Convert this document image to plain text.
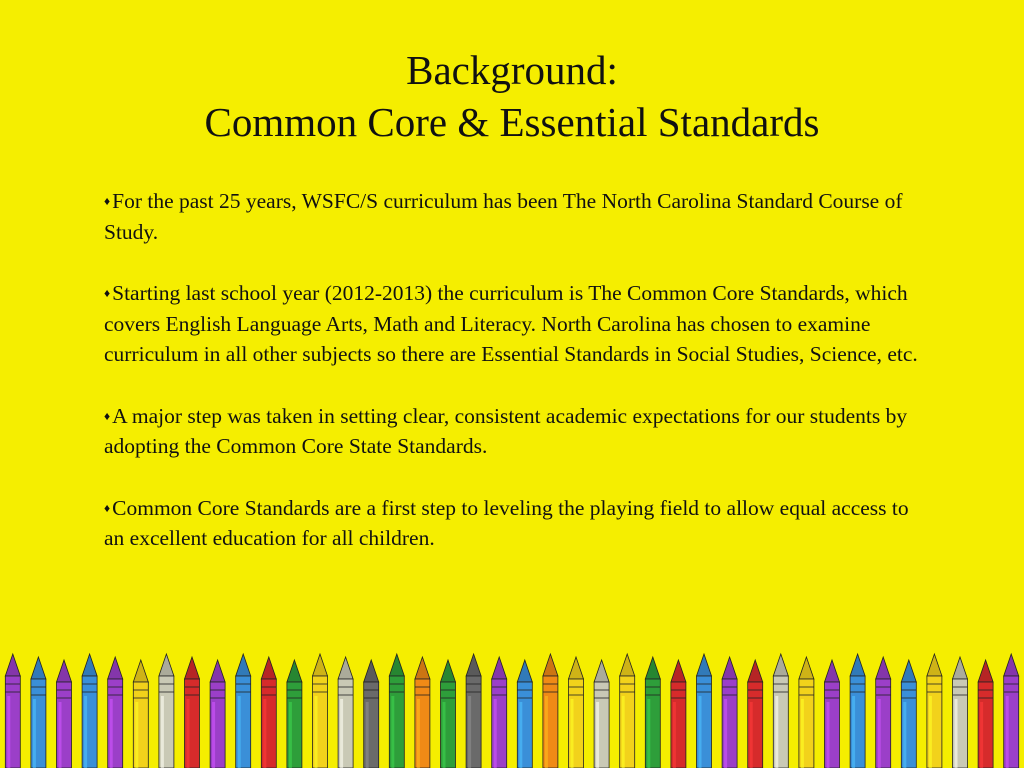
Background:
Common Core & Essential Standards

♦For the past 25 years, WSFC/S curriculum has been The North Carolina Standard Course of Study.

♦Starting last school year (2012-2013) the curriculum is The Common Core Standards, which covers English Language Arts, Math and Literacy. North Carolina has chosen to examine curriculum in all other subjects so there are Essential Standards in Social Studies, Science, etc.

♦A major step was taken in setting clear, consistent academic expectations for our students by adopting the Common Core State Standards.

♦Common Core Standards are a first step to leveling the playing field to allow equal access to an excellent education for all children.
